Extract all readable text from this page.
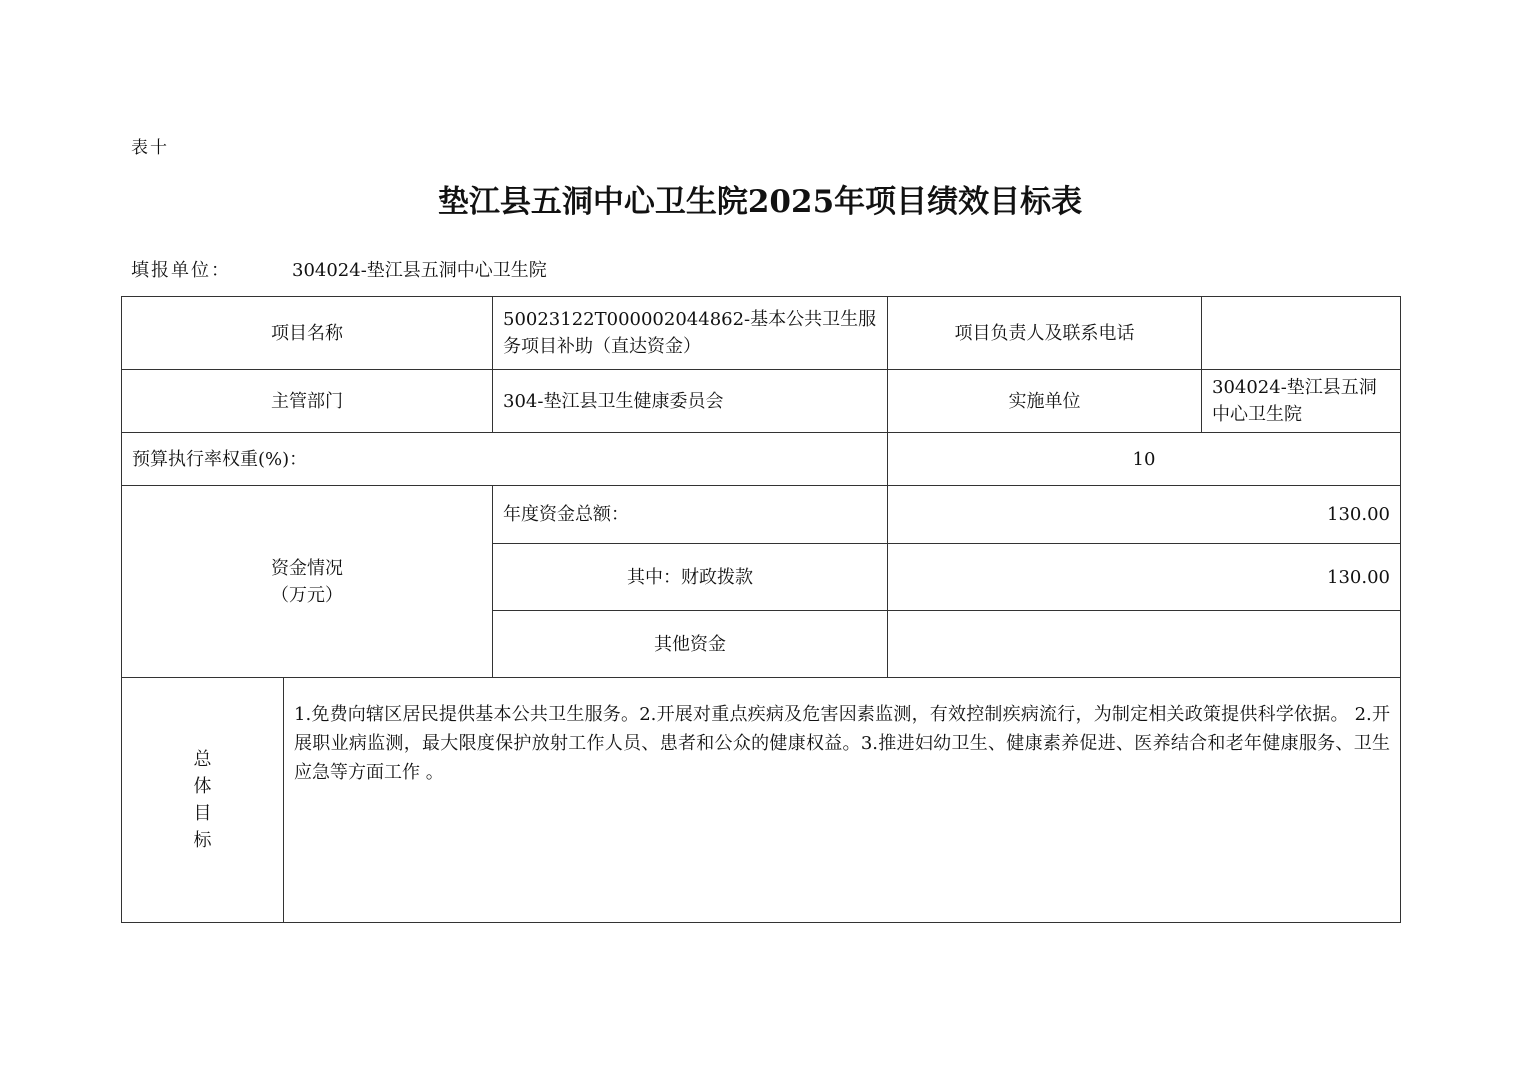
表十
垫江县五洞中心卫生院2025年项目绩效目标表
填报单位：	304024-垫江县五洞中心卫生院
项目名称		50023122T000002044862-基本公共卫生服务项目补助（直达资金）	项目负责人及联系电话	
主管部门		304-垫江县卫生健康委员会	实施单位	304024-垫江县五洞中心卫生院
预算执行率权重(%)：			10	

资金情况
（万元）		年度资金总额：	130.00	
		其中：财政拨款	130.00	
		其他资金		

总
体
目
标	1.免费向辖区居民提供基本公共卫生服务。2.开展对重点疾病及危害因素监测，有效控制疾病流行，为制定相关政策提供科学依据。 2.开展职业病监测，最大限度保护放射工作人员、患者和公众的健康权益。3.推进妇幼卫生、健康素养促进、医养结合和老年健康服务、卫生应急等方面工作 。			
